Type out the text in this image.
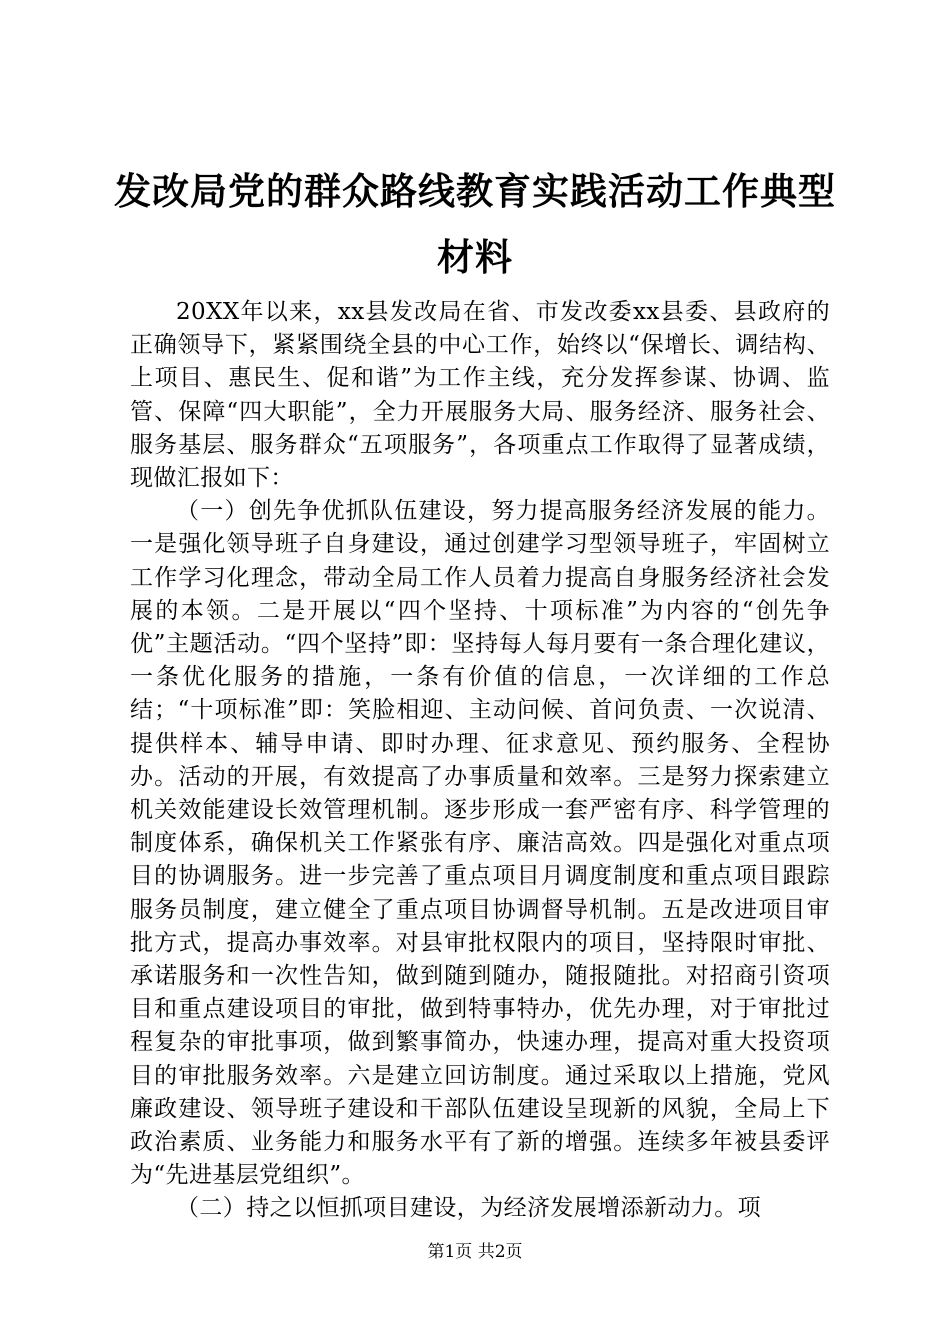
发改局党的群众路线教育实践活动工作典型材料

20XX年以来，xx县发改局在省、市发改委xx县委、县政府的正确领导下，紧紧围绕全县的中心工作，始终以“保增长、调结构、上项目、惠民生、促和谐”为工作主线，充分发挥参谋、协调、监管、保障“四大职能”，全力开展服务大局、服务经济、服务社会、服务基层、服务群众“五项服务”，各项重点工作取得了显著成绩，现做汇报如下：

（一）创先争优抓队伍建设，努力提高服务经济发展的能力。一是强化领导班子自身建设，通过创建学习型领导班子，牢固树立工作学习化理念，带动全局工作人员着力提高自身服务经济社会发展的本领。二是开展以“四个坚持、十项标准”为内容的“创先争优”主题活动。“四个坚持”即：坚持每人每月要有一条合理化建议，一条优化服务的措施，一条有价值的信息，一次详细的工作总结；“十项标准”即：笑脸相迎、主动问候、首问负责、一次说清、提供样本、辅导申请、即时办理、征求意见、预约服务、全程协办。活动的开展，有效提高了办事质量和效率。三是努力探索建立机关效能建设长效管理机制。逐步形成一套严密有序、科学管理的制度体系，确保机关工作紧张有序、廉洁高效。四是强化对重点项目的协调服务。进一步完善了重点项目月调度制度和重点项目跟踪服务员制度，建立健全了重点项目协调督导机制。五是改进项目审批方式，提高办事效率。对县审批权限内的项目，坚持限时审批、承诺服务和一次性告知，做到随到随办，随报随批。对招商引资项目和重点建设项目的审批，做到特事特办，优先办理，对于审批过程复杂的审批事项，做到繁事简办，快速办理，提高对重大投资项目的审批服务效率。六是建立回访制度。通过采取以上措施，党风廉政建设、领导班子建设和干部队伍建设呈现新的风貌，全局上下政治素质、业务能力和服务水平有了新的增强。连续多年被县委评为“先进基层党组织”。

（二）持之以恒抓项目建设，为经济发展增添新动力。项

第1页 共2页
